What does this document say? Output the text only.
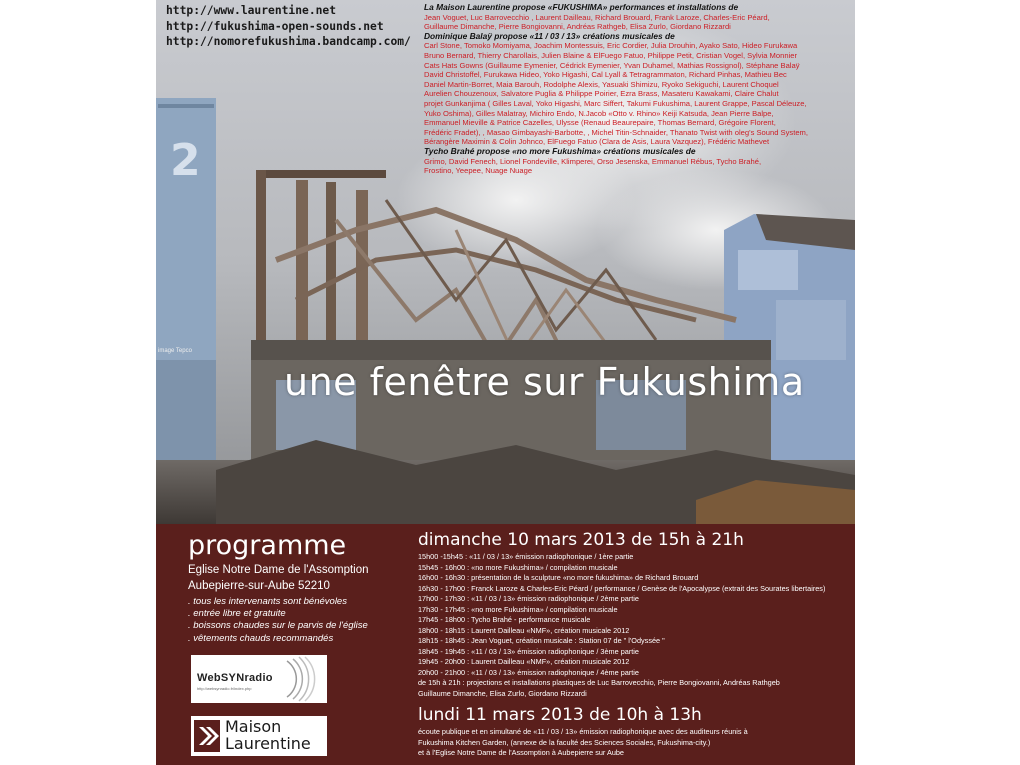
2
http://www.laurentine.net
http://fukushima-open-sounds.net
http://nomorefukushima.bandcamp.com/
La Maison Laurentine propose «FUKUSHIMA» performances et installations de
Jean Voguet, Luc Barrovecchio , Laurent Dailleau, Richard Brouard, Frank Laroze, Charles-Eric Péard,
Guillaume Dimanche, Pierre Bongiovanni, Andréas Rathgeb, Elisa Zurlo, Giordano Rizzardi
Dominique Balaÿ propose «11 / 03 / 13» créations musicales de
Carl Stone, Tomoko Momiyama, Joachim Montessuis, Eric Cordier, Julia Drouhin, Ayako Sato, Hideo Furukawa
Bruno Bernard, Thierry Charollais, Julien Blaine & ElFuego Fatuo, Philippe Petit, Cristian Vogel, Sylvia Monnier
Cats Hats Gowns (Guillaume Eymenier, Cédrick Eymenier, Yvan Duhamel, Mathias Rossignol), Stéphane Balaÿ
David Christoffel, Furukawa Hideo, Yoko Higashi, Cal Lyall & Tetragrammaton, Richard Pinhas, Mathieu Bec
Daniel Martin-Borret, Maia Barouh, Rodolphe Alexis, Yasuaki Shimizu, Ryoko Sekiguchi, Laurent Choquel
Aurelien Chouzenoux, Salvatore Puglia & Philippe Poirier, Ezra Brass, Masateru Kawakami, Claire Chalut
projet Gunkanjima ( Gilles Laval, Yoko Higashi, Marc Siffert, Takumi Fukushima, Laurent Grappe, Pascal Déleuze,
Yuko Oshima), Gilles Malatray, Michiro Endo, N.Jacob «Otto v. Rhino» Keiji Katsuda, Jean Pierre Balpe,
Emmanuel Mieville & Patrice Cazelles, Ulysse (Renaud Beaurepaire, Thomas Bernard, Grégoire Florent,
Frédéric Fradet), , Masao Gimbayashi-Barbotte, , Michel Titin-Schnaider, Thanato Twist with oleg's Sound System,
Bérangère Maximin & Colin Johnco, ElFuego Fatuo (Clara de Asis, Laura Vazquez), Frédéric Mathevet
Tycho Brahé propose «no more Fukushima» créations musicales de
Grimo, David Fenech, Lionel Fondeville, Klimperei, Orso Jesenska, Emmanuel Rébus, Tycho Brahé,
Frostino, Yeepee, Nuage Nuage
image Tepco
une fenêtre sur Fukushima
programme
Eglise Notre Dame de l'Assomption
Aubepierre-sur-Aube 52210
. tous les intervenants sont bénévoles
. entrée libre et gratuite
. boissons chaudes sur le parvis de l'église
. vêtements chauds recommandés
WebSYNradio
http://websynradio.fr/index.php
Maison
Laurentine
dimanche 10 mars 2013 de 15h à 21h
15h00 -15h45 : «11 / 03 / 13» émission radiophonique / 1ère partie
15h45 - 16h00 : «no more Fukushima» / compilation musicale
16h00 - 16h30 : présentation de la sculpture «no more fukushima» de Richard Brouard
16h30 - 17h00 : Franck Laroze & Charles-Eric Péard / performance / Genèse de l'Apocalypse (extrait des Sourates libertaires)
17h00 - 17h30 : «11 / 03 / 13» émission radiophonique / 2ème partie
17h30 - 17h45 : «no more Fukushima» / compilation musicale
17h45 - 18h00 : Tycho Brahé - performance musicale
18h00 - 18h15 : Laurent Dailleau «NMF», création musicale 2012
18h15 - 18h45 : Jean Voguet, création musicale : Station 07 de " l'Odyssée "
18h45 - 19h45 : «11 / 03 / 13» émission radiophonique / 3ème partie
19h45 - 20h00 : Laurent Dailleau «NMF», création musicale 2012
20h00 - 21h00 : «11 / 03 / 13» émission radiophonique / 4ème partie
de 15h à 21h : projections et installations plastiques de Luc Barrovecchio, Pierre Bongiovanni, Andréas Rathgeb
Guillaume Dimanche, Elisa Zurlo, Giordano Rizzardi
lundi 11 mars 2013 de 10h à 13h
écoute publique et en simultané de «11 / 03 / 13» émission radiophonique avec des auditeurs réunis à
Fukushima Kitchen Garden, (annexe de la faculté des Sciences Sociales, Fukushima-city.)
et à l'Eglise Notre Dame de l'Assomption à Aubepierre sur Aube
